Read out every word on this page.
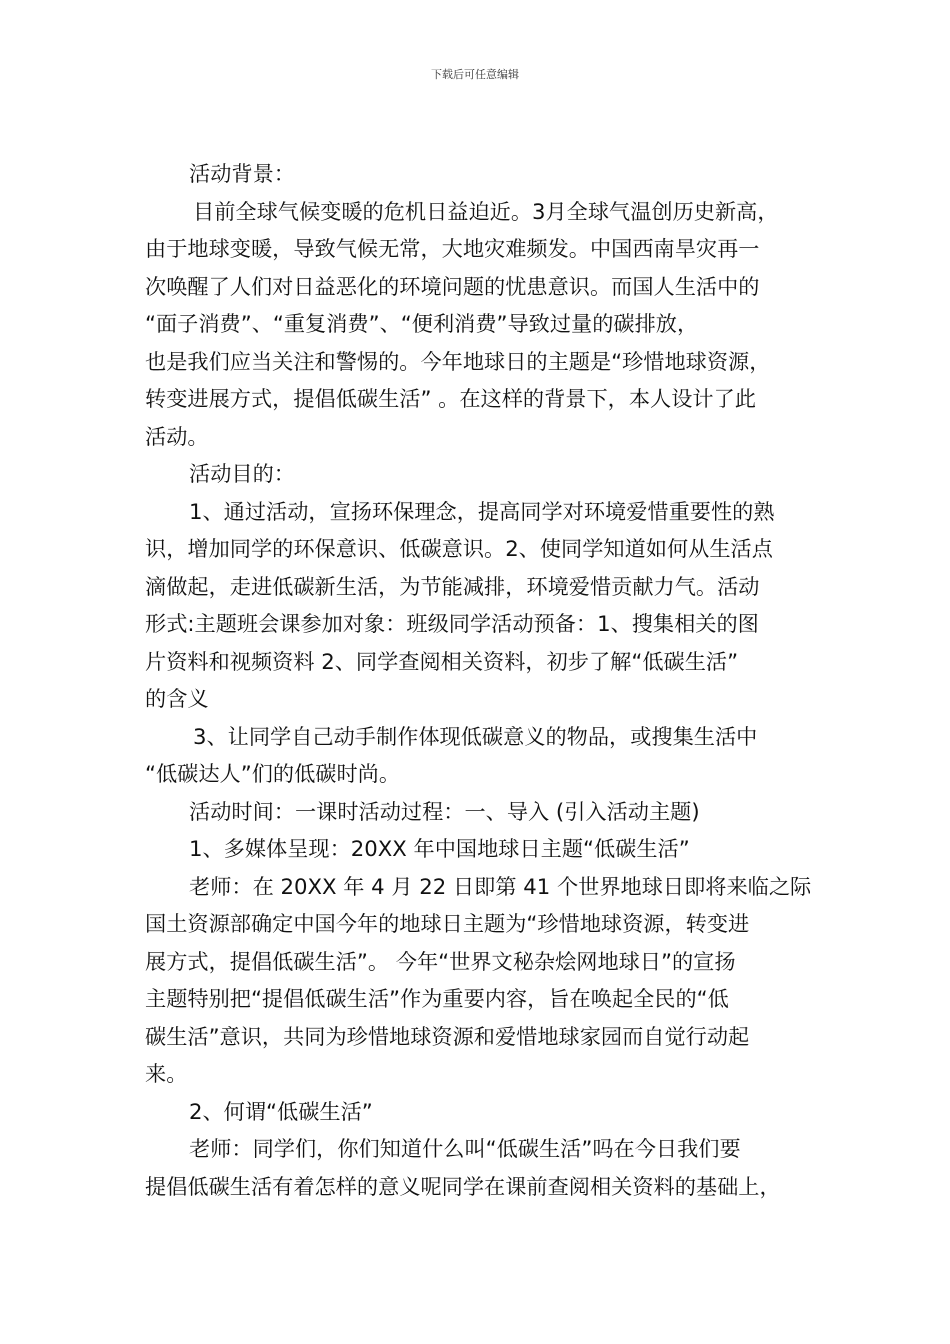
下载后可任意编辑
活动背景：
目前全球气候变暖的危机日益迫近。3月全球气温创历史新高，
由于地球变暖，导致气候无常，大地灾难频发。中国西南旱灾再一
次唤醒了人们对日益恶化的环境问题的忧患意识。而国人生活中的
“面子消费”、“重复消费”、“便利消费”导致过量的碳排放，
也是我们应当关注和警惕的。今年地球日的主题是“珍惜地球资源，
转变进展方式，提倡低碳生活” 。在这样的背景下，本人设计了此
活动。
活动目的：
1、通过活动，宣扬环保理念，提高同学对环境爱惜重要性的熟
识，增加同学的环保意识、低碳意识。2、使同学知道如何从生活点
滴做起，走进低碳新生活，为节能减排，环境爱惜贡献力气。活动
形式:主题班会课参加对象：班级同学活动预备：1、搜集相关的图
片资料和视频资料 2、同学查阅相关资料，初步了解“低碳生活”
的含义
3、让同学自己动手制作体现低碳意义的物品，或搜集生活中
“低碳达人”们的低碳时尚。
活动时间：一课时活动过程：一、导入 (引入活动主题)
1、多媒体呈现：20XX 年中国地球日主题“低碳生活”
老师：在 20XX 年 4 月 22 日即第 41 个世界地球日即将来临之际
国土资源部确定中国今年的地球日主题为“珍惜地球资源，转变进
展方式，提倡低碳生活”。 今年“世界文秘杂烩网地球日”的宣扬
主题特别把“提倡低碳生活”作为重要内容，旨在唤起全民的“低
碳生活”意识，共同为珍惜地球资源和爱惜地球家园而自觉行动起
来。
2、何谓“低碳生活”
老师：同学们，你们知道什么叫“低碳生活”吗在今日我们要
提倡低碳生活有着怎样的意义呢同学在课前查阅相关资料的基础上，
